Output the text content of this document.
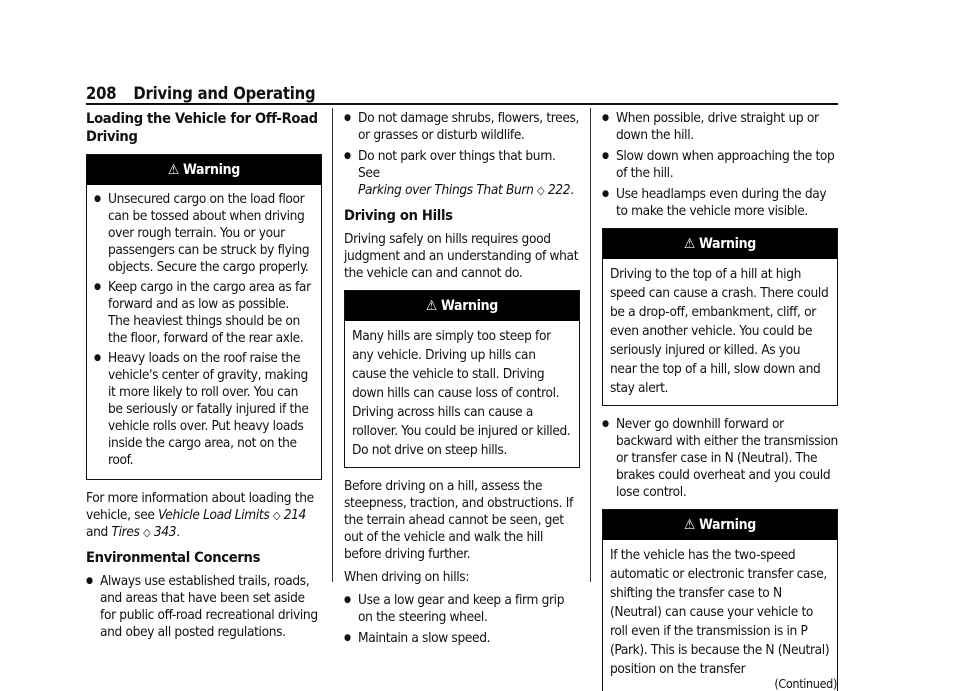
208 Driving and Operating
Loading the Vehicle for Off-Road Driving
⚠ Warning
● Unsecured cargo on the load floor can be tossed about when driving over rough terrain. You or your passengers can be struck by flying objects. Secure the cargo properly.
● Keep cargo in the cargo area as far forward and as low as possible. The heaviest things should be on the floor, forward of the rear axle.
● Heavy loads on the roof raise the vehicle's center of gravity, making it more likely to roll over. You can be seriously or fatally injured if the vehicle rolls over. Put heavy loads inside the cargo area, not on the roof.

For more information about loading the vehicle, see Vehicle Load Limits ◇ 214 and Tires ◇ 343.

Environmental Concerns
● Always use established trails, roads, and areas that have been set aside for public off-road recreational driving and obey all posted regulations.
● Do not damage shrubs, flowers, trees, or grasses or disturb wildlife.
● Do not park over things that burn. See
Parking over Things That Burn ◇ 222.
Driving on Hills

Driving safely on hills requires good judgment and an understanding of what the vehicle can and cannot do.

⚠ Warning
Many hills are simply too steep for any vehicle. Driving up hills can cause the vehicle to stall. Driving down hills can cause loss of control. Driving across hills can cause a rollover. You could be injured or killed. Do not drive on steep hills.

Before driving on a hill, assess the steepness, traction, and obstructions. If the terrain ahead cannot be seen, get out of the vehicle and walk the hill before driving further.

When driving on hills:

● Use a low gear and keep a firm grip on the steering wheel.
● Maintain a slow speed.
● When possible, drive straight up or down the hill.
● Slow down when approaching the top of the hill.
● Use headlamps even during the day to make the vehicle more visible.
⚠ Warning
Driving to the top of a hill at high speed can cause a crash. There could be a drop-off, embankment, cliff, or even another vehicle. You could be seriously injured or killed. As you near the top of a hill, slow down and stay alert.
● Never go downhill forward or backward with either the transmission or transfer case in N (Neutral). The brakes could overheat and you could lose control.
⚠ Warning
If the vehicle has the two-speed automatic or electronic transfer case, shifting the transfer case to N (Neutral) can cause your vehicle to roll even if the transmission is in P (Park). This is because the N (Neutral) position on the transfer
(Continued)
